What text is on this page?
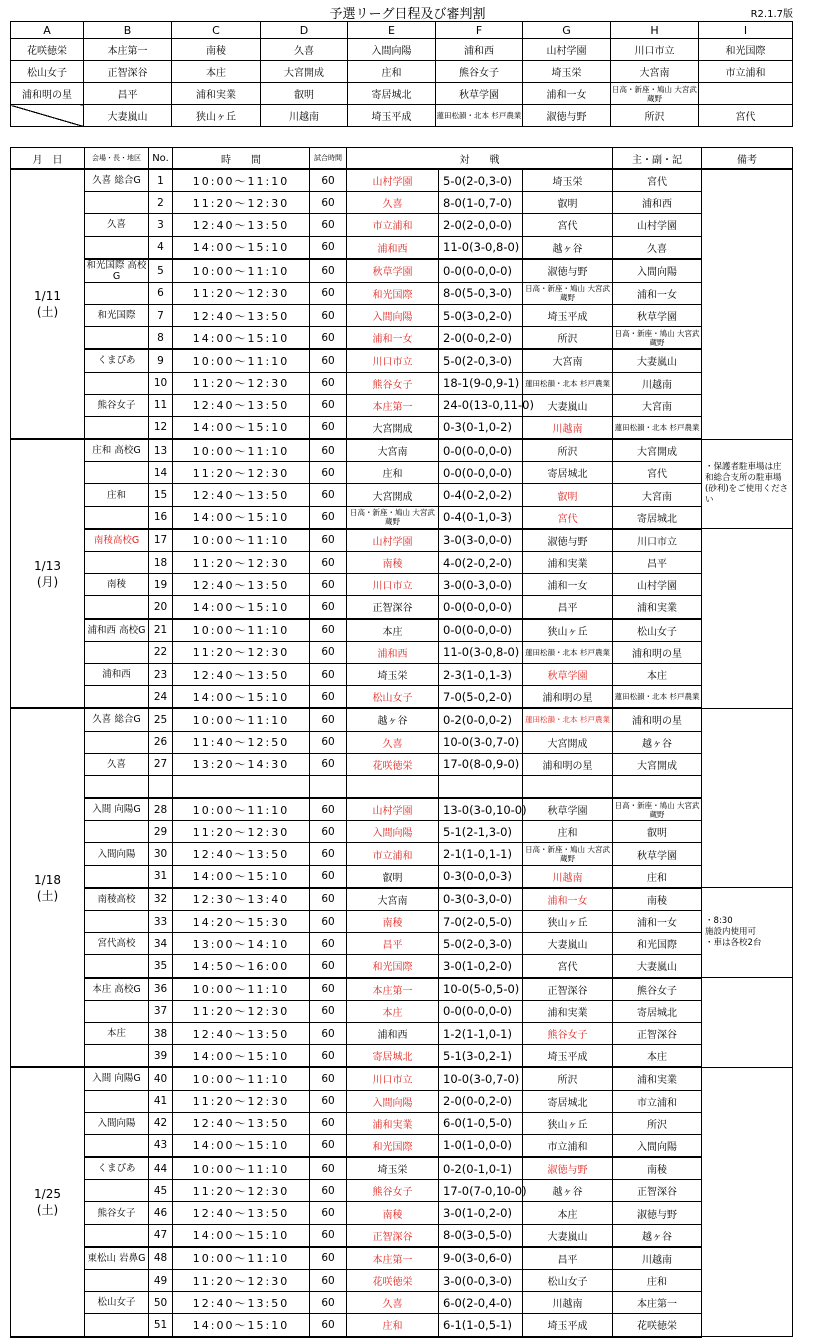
予選リーグ日程及び審判割	R2.1.7版
A	B	C	D	E	F	G	H	I
花咲徳栄	本庄第一	南稜	久喜	入間向陽	浦和西	山村学園	川口市立	和光国際
松山女子	正智深谷	本庄	大宮開成	庄和	熊谷女子	埼玉栄	大宮南	市立浦和
浦和明の星	昌平	浦和実業	叡明	寄居城北	秋草学園	浦和一女	日高・新座・鳩山 大宮武蔵野	
	大妻嵐山	狭山ヶ丘	川越南	埼玉平成	蓮田松韻・北本 杉戸農業	淑徳与野	所沢	宮代
月　日	会場・長・地区	No.	時　　間	試合時間	対　　戦			主・副・記	備考
1/11
(土)	久喜 総合G	1	10:00～11:10	60	山村学園	5-0(2-0,3-0)	埼玉栄	宮代	
		2	11:20～12:30	60	久喜	8-0(1-0,7-0)	叡明	浦和西	
	久喜	3	12:40～13:50	60	市立浦和	2-0(2-0,0-0)	宮代	山村学園	
		4	14:00～15:10	60	浦和西	11-0(3-0,8-0)	越ヶ谷	久喜	
	和光国際 高校G	5	10:00～11:10	60	秋草学園	0-0(0-0,0-0)	淑徳与野	入間向陽	
		6	11:20～12:30	60	和光国際	8-0(5-0,3-0)	日高・新座・鳩山 大宮武蔵野	浦和一女	
	和光国際	7	12:40～13:50	60	入間向陽	5-0(3-0,2-0)	埼玉平成	秋草学園	
		8	14:00～15:10	60	浦和一女	2-0(0-0,2-0)	所沢	日高・新座・鳩山 大宮武蔵野	
	くまぴあ	9	10:00～11:10	60	川口市立	5-0(2-0,3-0)	大宮南	大妻嵐山	
		10	11:20～12:30	60	熊谷女子	18-1(9-0,9-1)	蓮田松韻・北本 杉戸農業	川越南	
	熊谷女子	11	12:40～13:50	60	本庄第一	24-0(13-0,11-0)	大妻嵐山	大宮南	
		12	14:00～15:10	60	大宮開成	0-3(0-1,0-2)	川越南	蓮田松韻・北本 杉戸農業	
1/13
(月)	庄和 高校G	13	10:00～11:10	60	大宮南	0-0(0-0,0-0)	所沢	大宮開成	・保護者駐車場は庄和総合支所の駐車場(砂利)をご使用ください
		14	11:20～12:30	60	庄和	0-0(0-0,0-0)	寄居城北	宮代	
	庄和	15	12:40～13:50	60	大宮開成	0-4(0-2,0-2)	叡明	大宮南	
		16	14:00～15:10	60	日高・新座・鳩山 大宮武蔵野	0-4(0-1,0-3)	宮代	寄居城北	
	南稜高校G	17	10:00～11:10	60	山村学園	3-0(3-0,0-0)	淑徳与野	川口市立	
		18	11:20～12:30	60	南稜	4-0(2-0,2-0)	浦和実業	昌平	
	南稜	19	12:40～13:50	60	川口市立	3-0(0-3,0-0)	浦和一女	山村学園	
		20	14:00～15:10	60	正智深谷	0-0(0-0,0-0)	昌平	浦和実業	
	浦和西 高校G	21	10:00～11:10	60	本庄	0-0(0-0,0-0)	狭山ヶ丘	松山女子	
		22	11:20～12:30	60	浦和西	11-0(3-0,8-0)	蓮田松韻・北本 杉戸農業	浦和明の星	
	浦和西	23	12:40～13:50	60	埼玉栄	2-3(1-0,1-3)	秋草学園	本庄	
		24	14:00～15:10	60	松山女子	7-0(5-0,2-0)	浦和明の星	蓮田松韻・北本 杉戸農業	
1/18
(土)	久喜 総合G	25	10:00～11:10	60	越ヶ谷	0-2(0-0,0-2)	蓮田松韻・北本 杉戸農業	浦和明の星	
		26	11:40～12:50	60	久喜	10-0(3-0,7-0)	大宮開成	越ヶ谷	
	久喜	27	13:20～14:30	60	花咲徳栄	17-0(8-0,9-0)	浦和明の星	大宮開成	

	入間 向陽G	28	10:00～11:10	60	山村学園	13-0(3-0,10-0)	秋草学園	日高・新座・鳩山 大宮武蔵野	
		29	11:20～12:30	60	入間向陽	5-1(2-1,3-0)	庄和	叡明	
	入間向陽	30	12:40～13:50	60	市立浦和	2-1(1-0,1-1)	日高・新座・鳩山 大宮武蔵野	秋草学園	
		31	14:00～15:10	60	叡明	0-3(0-0,0-3)	川越南	庄和	
	南稜高校	32	12:30～13:40	60	大宮南	0-3(0-3,0-0)	浦和一女	南稜	・8:30
施設内使用可
・車は各校2台
		33	14:20～15:30	60	南稜	7-0(2-0,5-0)	狭山ヶ丘	浦和一女	
	宮代高校	34	13:00～14:10	60	昌平	5-0(2-0,3-0)	大妻嵐山	和光国際	
		35	14:50～16:00	60	和光国際	3-0(1-0,2-0)	宮代	大妻嵐山	
	本庄 高校G	36	10:00～11:10	60	本庄第一	10-0(5-0,5-0)	正智深谷	熊谷女子	
		37	11:20～12:30	60	本庄	0-0(0-0,0-0)	浦和実業	寄居城北	
	本庄	38	12:40～13:50	60	浦和西	1-2(1-1,0-1)	熊谷女子	正智深谷	
		39	14:00～15:10	60	寄居城北	5-1(3-0,2-1)	埼玉平成	本庄	
1/25
(土)	入間 向陽G	40	10:00～11:10	60	川口市立	10-0(3-0,7-0)	所沢	浦和実業	
		41	11:20～12:30	60	入間向陽	2-0(0-0,2-0)	寄居城北	市立浦和	
	入間向陽	42	12:40～13:50	60	浦和実業	6-0(1-0,5-0)	狭山ヶ丘	所沢	
		43	14:00～15:10	60	和光国際	1-0(1-0,0-0)	市立浦和	入間向陽	
	くまぴあ	44	10:00～11:10	60	埼玉栄	0-2(0-1,0-1)	淑徳与野	南稜	
		45	11:20～12:30	60	熊谷女子	17-0(7-0,10-0)	越ヶ谷	正智深谷	
	熊谷女子	46	12:40～13:50	60	南稜	3-0(1-0,2-0)	本庄	淑徳与野	
		47	14:00～15:10	60	正智深谷	8-0(3-0,5-0)	大妻嵐山	越ヶ谷	
	東松山 岩鼻G	48	10:00～11:10	60	本庄第一	9-0(3-0,6-0)	昌平	川越南	
		49	11:20～12:30	60	花咲徳栄	3-0(0-0,3-0)	松山女子	庄和	
	松山女子	50	12:40～13:50	60	久喜	6-0(2-0,4-0)	川越南	本庄第一	
		51	14:00～15:10	60	庄和	6-1(1-0,5-1)	埼玉平成	花咲徳栄	
